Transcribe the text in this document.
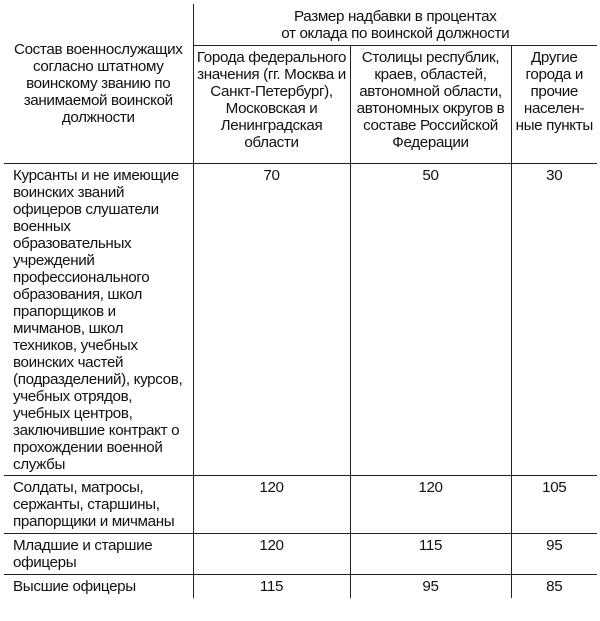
Состав военнослужащих согласно штатному воинскому званию по занимаемой воинской должности	Размер надбавки в процентах
от оклада по воинской должности		

	Города федерального значения (гг. Москва и Санкт-Петербург), Московская и Ленинградская области	Столицы республик, краев, областей, автономной области, автономных округов в составе Российской Федерации	Другие города и прочие населенные пункты
Курсанты и не имеющие воинских званий офицеров слушатели военных образовательных учреждений профессионального образования, школ прапорщиков и мичманов, школ техников, учебных воинских частей (подразделений), курсов, учебных отрядов, учебных центров, заключившие контракт о прохождении военной службы	70	50	30
Солдаты, матросы, сержанты, старшины, прапорщики и мичманы	120	120	105
Младшие и старшие офицеры	120	115	95
Высшие офицеры	115	95	85
